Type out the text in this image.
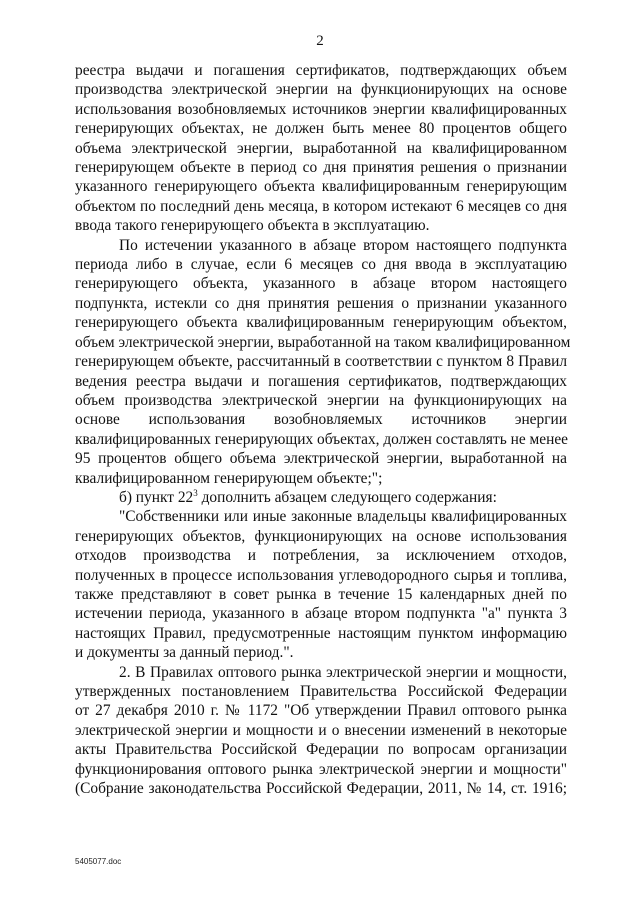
2
реестра выдачи и погашения сертификатов, подтверждающих объем
производства электрической энергии на функционирующих на основе
использования возобновляемых источников энергии квалифицированных
генерирующих объектах, не должен быть менее 80 процентов общего
объема электрической энергии, выработанной на квалифицированном
генерирующем объекте в период со дня принятия решения о признании
указанного генерирующего объекта квалифицированным генерирующим
объектом по последний день месяца, в котором истекают 6 месяцев со дня
ввода такого генерирующего объекта в эксплуатацию.
По истечении указанного в абзаце втором настоящего подпункта
периода либо в случае, если 6 месяцев со дня ввода в эксплуатацию
генерирующего объекта, указанного в абзаце втором настоящего
подпункта, истекли со дня принятия решения о признании указанного
генерирующего объекта квалифицированным генерирующим объектом,
объем электрической энергии, выработанной на таком квалифицированном
генерирующем объекте, рассчитанный в соответствии с пунктом 8 Правил
ведения реестра выдачи и погашения сертификатов, подтверждающих
объем производства электрической энергии на функционирующих на
основе использования возобновляемых источников энергии
квалифицированных генерирующих объектах, должен составлять не менее
95 процентов общего объема электрической энергии, выработанной на
квалифицированном генерирующем объекте;";
б) пункт $22^3$ дополнить абзацем следующего содержания:
"Собственники или иные законные владельцы квалифицированных
генерирующих объектов, функционирующих на основе использования
отходов производства и потребления, за исключением отходов,
полученных в процессе использования углеводородного сырья и топлива,
также представляют в совет рынка в течение 15 календарных дней по
истечении периода, указанного в абзаце втором подпункта "а" пункта 3
настоящих Правил, предусмотренные настоящим пунктом информацию
и документы за данный период.".
2. В Правилах оптового рынка электрической энергии и мощности,
утвержденных постановлением Правительства Российской Федерации
от 27 декабря 2010 г. № 1172 "Об утверждении Правил оптового рынка
электрической энергии и мощности и о внесении изменений в некоторые
акты Правительства Российской Федерации по вопросам организации
функционирования оптового рынка электрической энергии и мощности"
(Собрание законодательства Российской Федерации, 2011, № 14, ст. 1916;
5405077.doc
